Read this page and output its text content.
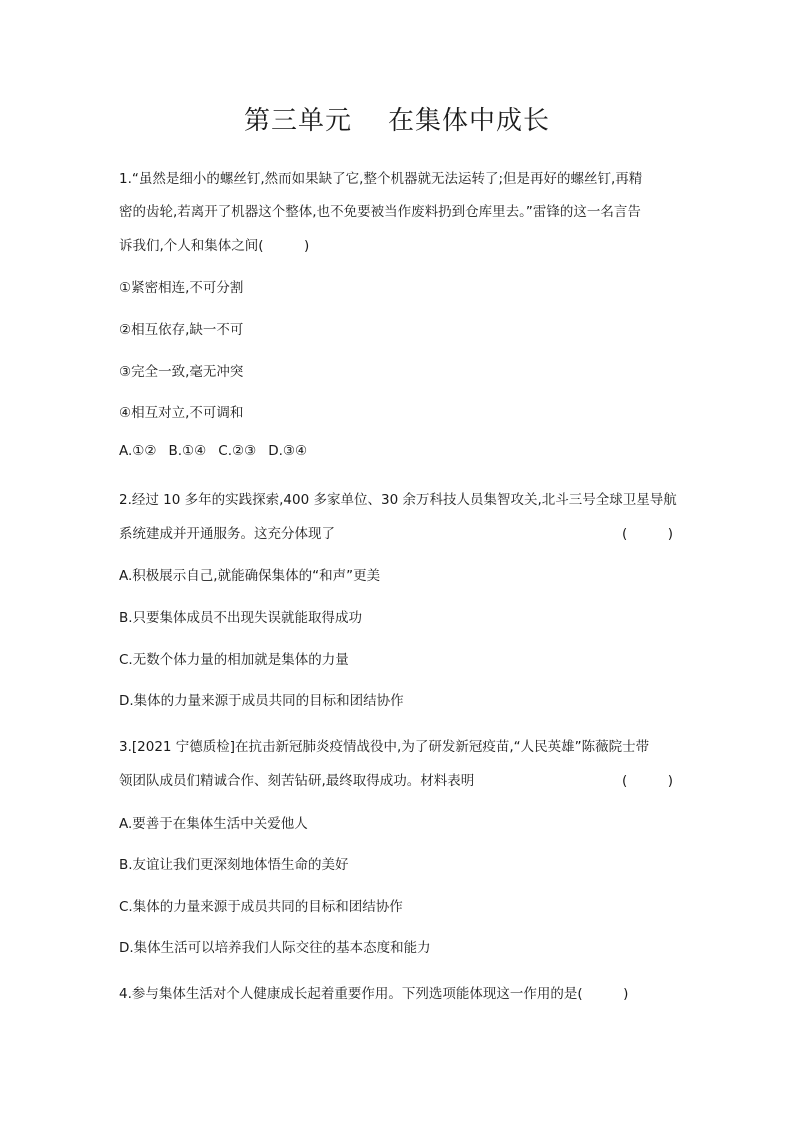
第三单元 在集体中成长
1.“虽然是细小的螺丝钉,然而如果缺了它,整个机器就无法运转了;但是再好的螺丝钉,再精
密的齿轮,若离开了机器这个整体,也不免要被当作废料扔到仓库里去。”雷锋的这一名言告
诉我们,个人和集体之间(　　　)
①紧密相连,不可分割
②相互依存,缺一不可
③完全一致,毫无冲突
④相互对立,不可调和
A.①② B.①④ C.②③ D.③④
2.经过 10 多年的实践探索,400 多家单位、30 余万科技人员集智攻关,北斗三号全球卫星导航
系统建成并开通服务。这充分体现了	(　　　)
A.积极展示自己,就能确保集体的“和声”更美
B.只要集体成员不出现失误就能取得成功
C.无数个体力量的相加就是集体的力量
D.集体的力量来源于成员共同的目标和团结协作
3.[2021 宁德质检]在抗击新冠肺炎疫情战役中,为了研发新冠疫苗,“人民英雄”陈薇院士带
领团队成员们精诚合作、刻苦钻研,最终取得成功。材料表明	(　　　)
A.要善于在集体生活中关爱他人
B.友谊让我们更深刻地体悟生命的美好
C.集体的力量来源于成员共同的目标和团结协作
D.集体生活可以培养我们人际交往的基本态度和能力
4.参与集体生活对个人健康成长起着重要作用。下列选项能体现这一作用的是(　　　)
